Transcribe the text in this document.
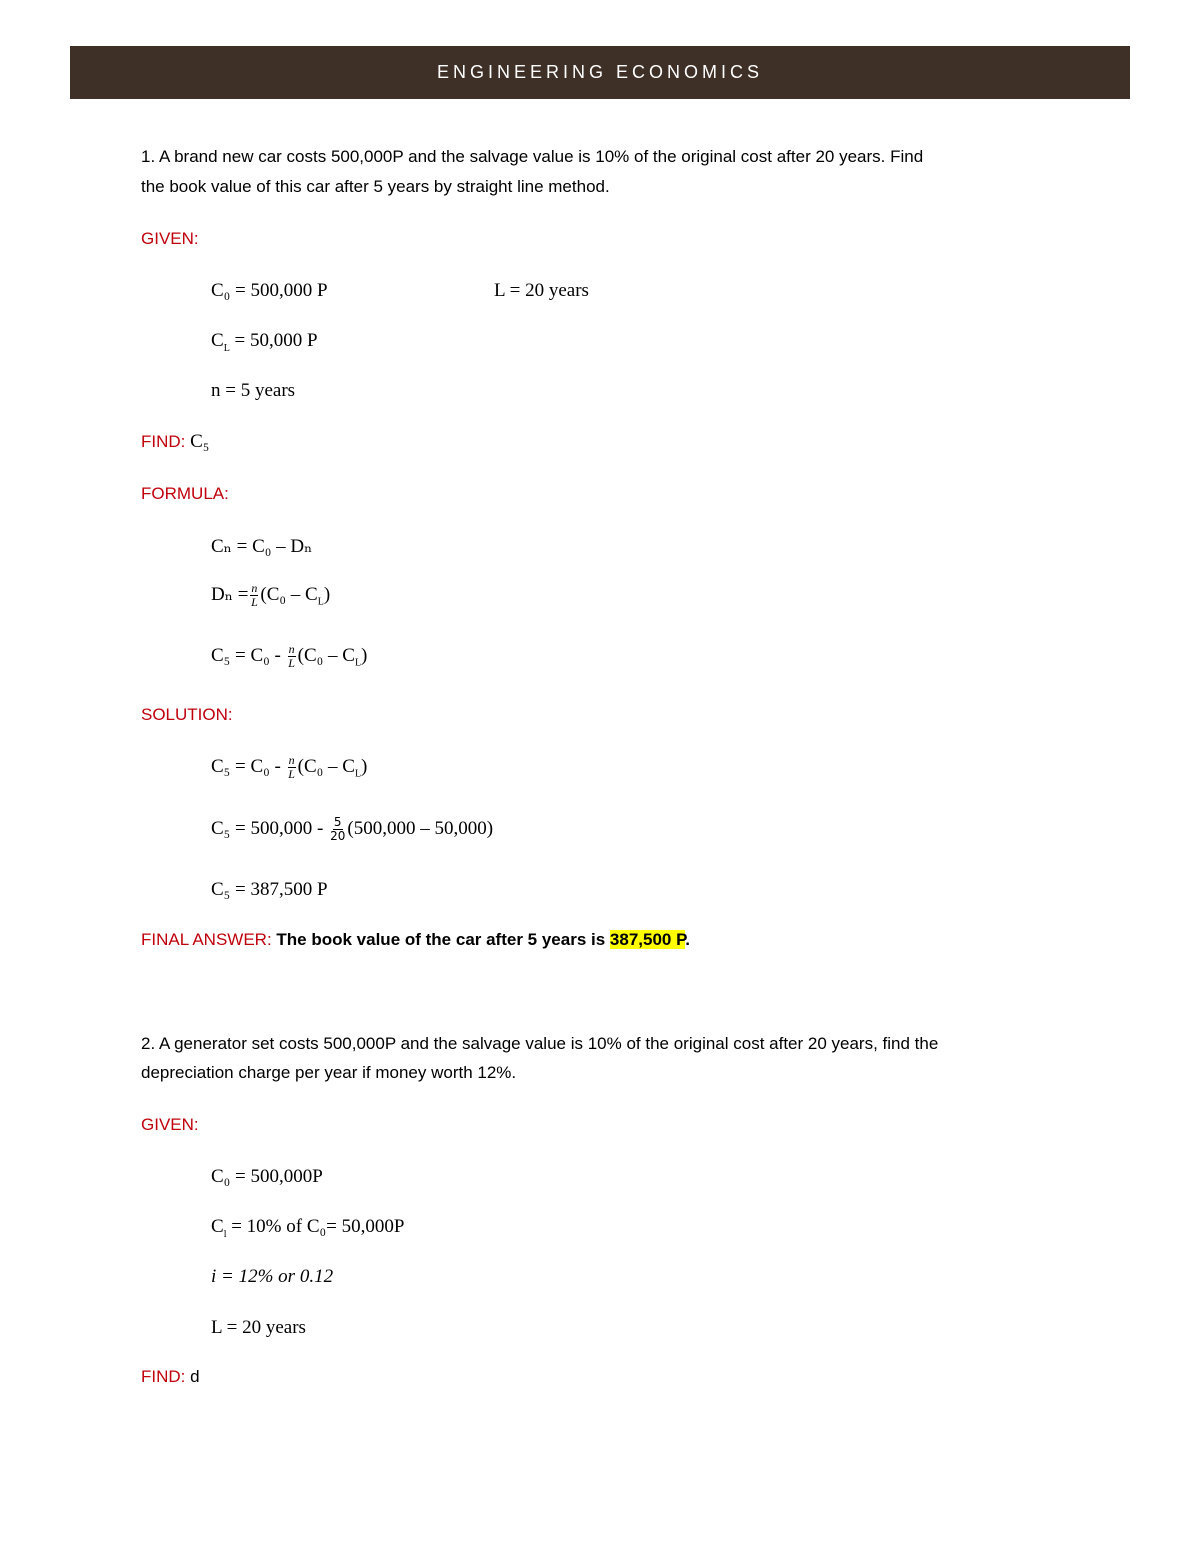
ENGINEERING ECONOMICS
1. A brand new car costs 500,000P and the salvage value is 10% of the original cost after 20 years. Find
the book value of this car after 5 years by straight line method.
GIVEN:
C₀ = 500,000 P	L = 20 years
$C_L = 50,000$ P
n = 5 years
FIND: C₅
FORMULA:
Cₙ = C₀ – Dₙ
$D_n = \frac{n}{L} (C_0 - C_L)$
$C_5 = C_0 - \frac{n}{L} (C_0 - C_L)$
SOLUTION:
$C_5 = C_0 - \frac{n}{L} (C_0 - C_L)$
$C_5 = 500,000 - \frac{5}{20} (500,000 - 50,000)$
C₅ = 387,500 P
FINAL ANSWER: The book value of the car after 5 years is 387,500 P.
2. A generator set costs 500,000P and the salvage value is 10% of the original cost after 20 years, find the
depreciation charge per year if money worth 12%.
GIVEN:
C₀ = 500,000P
$C_l = 10\%$ of C₀= 50,000P
i = 12% or 0.12
L = 20 years
FIND: d
